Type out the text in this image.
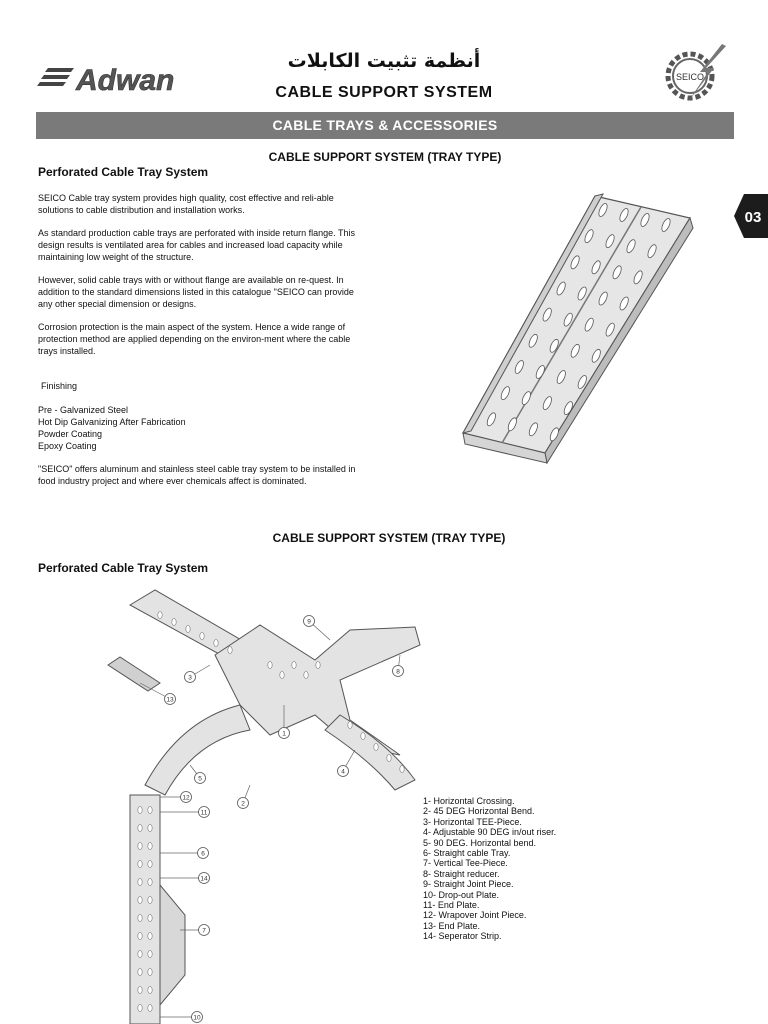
Adwan
أنظمة تثبيت الكابلات
CABLE SUPPORT SYSTEM
SEICO
CABLE TRAYS & ACCESSORIES
03
CABLE SUPPORT SYSTEM (TRAY TYPE)
Perforated Cable Tray System

SEICO Cable tray system provides high quality, cost effective and reli-able solutions to cable distribution and installation works.

As standard production cable trays are perforated with inside return flange. This design results is ventilated area for cables and increased load capacity while maintaining low weight of the structure.

However, solid cable trays with or without flange are available on re-quest. In addition to the standard dimensions listed in this catalogue "SEICO can provide any other special dimension or designs.

Corrosion protection is the main aspect of the system. Hence a wide range of protection method are applied depending on the environ-ment where the cable trays installed.

Finishing
Pre - Galvanized Steel
Hot Dip Galvanizing After Fabrication
Powder Coating
Epoxy Coating
"SEICO" offers aluminum and stainless steel cable tray system to be installed in food industry project and where ever chemicals affect is dominated.
CABLE SUPPORT SYSTEM (TRAY TYPE)
Perforated Cable Tray System
1
2
3
4
5
6
7
8
9
10
11
12
13
14
1- Horizontal Crossing.
2- 45 DEG Horizontal Bend.
3- Horizontal TEE-Piece.
4- Adjustable 90 DEG in/out riser.
5- 90 DEG. Horizontal bend.
6- Straight cable Tray.
7- Vertical Tee-Piece.
8- Straight reducer.
9- Straight Joint Piece.
10- Drop-out Plate.
11- End Plate.
12- Wrapover Joint Piece.
13- End Plate.
14- Seperator Strip.
